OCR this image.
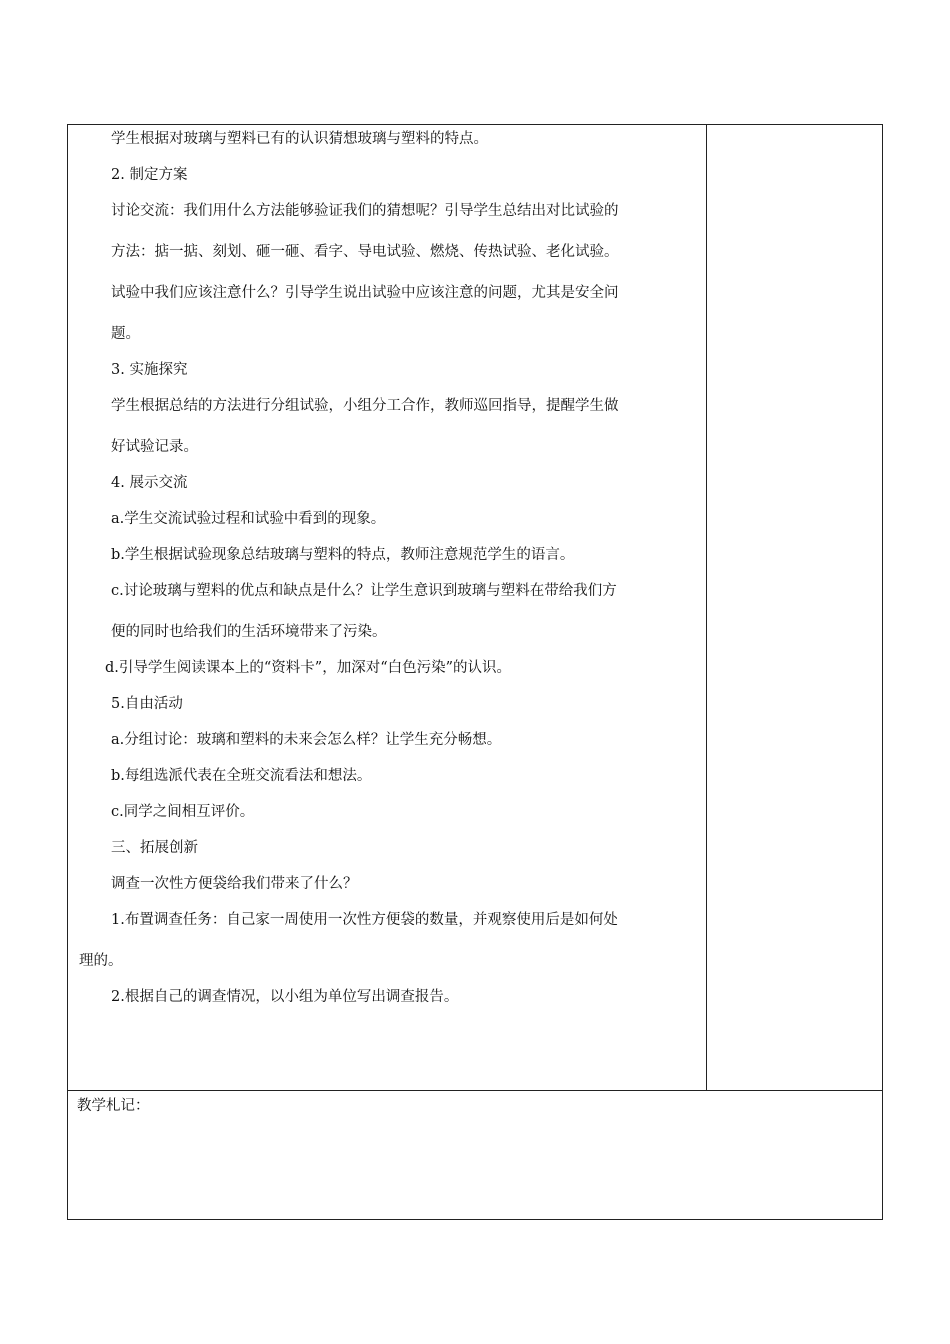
学生根据对玻璃与塑料已有的认识猜想玻璃与塑料的特点。
2. 制定方案
讨论交流：我们用什么方法能够验证我们的猜想呢？引导学生总结出对比试验的
方法：掂一掂、刻划、砸一砸、看字、导电试验、燃烧、传热试验、老化试验。
试验中我们应该注意什么？引导学生说出试验中应该注意的问题，尤其是安全问
题。
3. 实施探究
学生根据总结的方法进行分组试验，小组分工合作，教师巡回指导，提醒学生做
好试验记录。
4. 展示交流
a.学生交流试验过程和试验中看到的现象。
b.学生根据试验现象总结玻璃与塑料的特点，教师注意规范学生的语言。
c.讨论玻璃与塑料的优点和缺点是什么？让学生意识到玻璃与塑料在带给我们方
便的同时也给我们的生活环境带来了污染。
d.引导学生阅读课本上的“资料卡”，加深对“白色污染”的认识。
5.自由活动
a.分组讨论：玻璃和塑料的未来会怎么样？让学生充分畅想。
b.每组选派代表在全班交流看法和想法。
c.同学之间相互评价。
三、拓展创新
调查一次性方便袋给我们带来了什么？
1.布置调查任务：自己家一周使用一次性方便袋的数量，并观察使用后是如何处
理的。
2.根据自己的调查情况，以小组为单位写出调查报告。
教学札记：
